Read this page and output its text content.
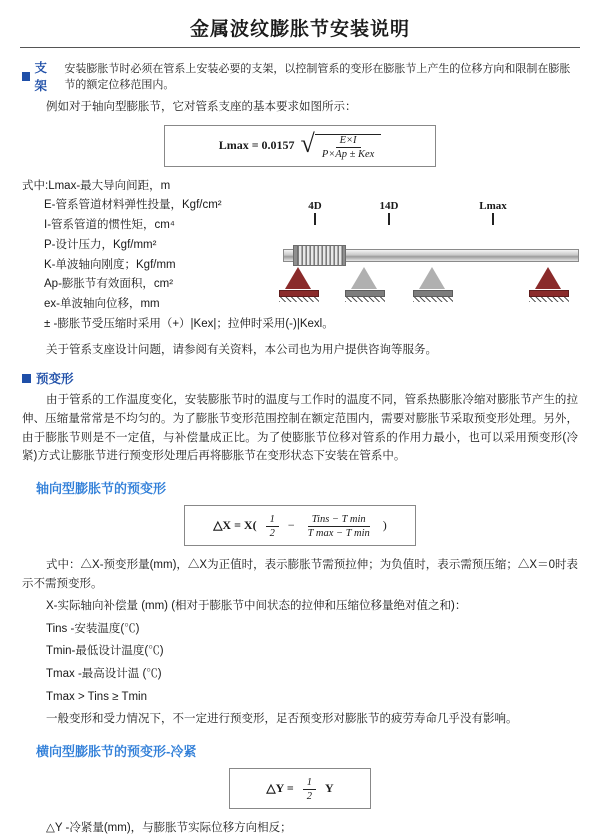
金属波纹膨胀节安装说明
支架
安装膨胀节时必须在管系上安装必要的支架，以控制管系的变形在膨胀节上产生的位移方向和限制在膨胀节的额定位移范围内。

例如对于轴向型膨胀节，它对管系支座的基本要求如图所示：

Lmax = 0.0157 √ $\frac{E\times I}{\text{P×Ap ± Kex}}$
式中:Lmax-最大导向间距，m
E-管系管道材料弹性投量，Kgf/cm²
I-管系管道的惯性矩，cm⁴
P-设计压力，Kgf/mm²
K-单波轴向刚度；Kgf/mm
Ap-膨胀节有效面积，cm²
ex-单波轴向位移，mm
± -膨胀节受压缩时采用（+）|Kex|；拉伸时采用(-)|Kexl。
4D	14D	Lmax

关于管系支座设计问题，请参阅有关资料，本公司也为用户提供咨询等服务。

预变形

由于管系的工作温度变化，安装膨胀节时的温度与工作时的温度不同，管系热膨胀冷缩对膨胀节产生的拉伸、压缩量常常是不均匀的。为了膨胀节变形范围控制在额定范围内，需要对膨胀节采取预变形处理。另外，由于膨胀节则是不一定值，与补偿量成正比。为了使膨胀节位移对管系的作用力最小，也可以采用预变形(冷紧)方式让膨胀节进行预变形处理后再将膨胀节在变形状态下安装在管系中。

轴向型膨胀节的预变形
△X = $X( \frac{1}{2} - \frac{\text{Tins − T min}}{\text{T max − T min}}$ )

式中：△X-预变形量(mm)，△X为正值时，表示膨胀节需预拉伸；为负值时，表示需预压缩；△X＝0时表示不需预变形。

X-实际轴向补偿量 (mm) (相对于膨胀节中间状态的拉伸和压缩位移量绝对值之和)：

Tins -安装温度(℃)

Tmin-最低设计温度(℃)

Tmax -最高设计温 (℃)

Tmax > Tins ≥ Tmin

一般变形和受力情况下，不一定进行预变形，足否预变形对膨胀节的疲劳寿命几乎没有影响。

横向型膨胀节的预变形-冷紧
△Y = $\frac{1}{2}$ Y

△Y -冷紧量(mm)，与膨胀节实际位移方向相反；
